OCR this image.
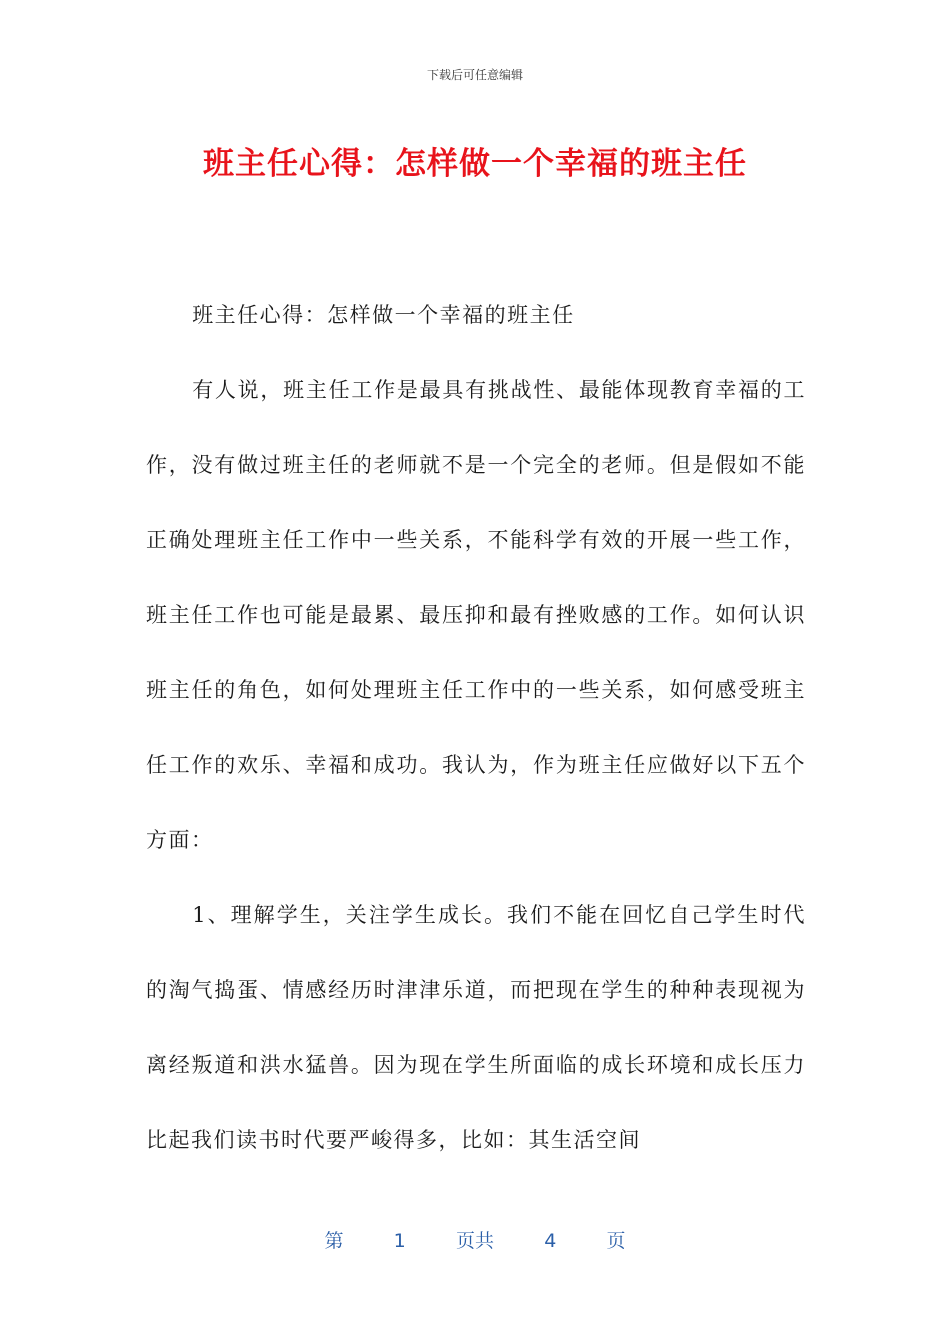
下载后可任意编辑
班主任心得：怎样做一个幸福的班主任

班主任心得：怎样做一个幸福的班主任

有人说，班主任工作是最具有挑战性、最能体现教育幸福的工作，没有做过班主任的老师就不是一个完全的老师。但是假如不能正确处理班主任工作中一些关系，不能科学有效的开展一些工作，班主任工作也可能是最累、最压抑和最有挫败感的工作。如何认识班主任的角色，如何处理班主任工作中的一些关系，如何感受班主任工作的欢乐、幸福和成功。我认为，作为班主任应做好以下五个方面：

1、理解学生，关注学生成长。我们不能在回忆自己学生时代的淘气捣蛋、情感经历时津津乐道，而把现在学生的种种表现视为离经叛道和洪水猛兽。因为现在学生所面临的成长环境和成长压力比起我们读书时代要严峻得多，比如：其生活空间

第	1	页共	4	页
